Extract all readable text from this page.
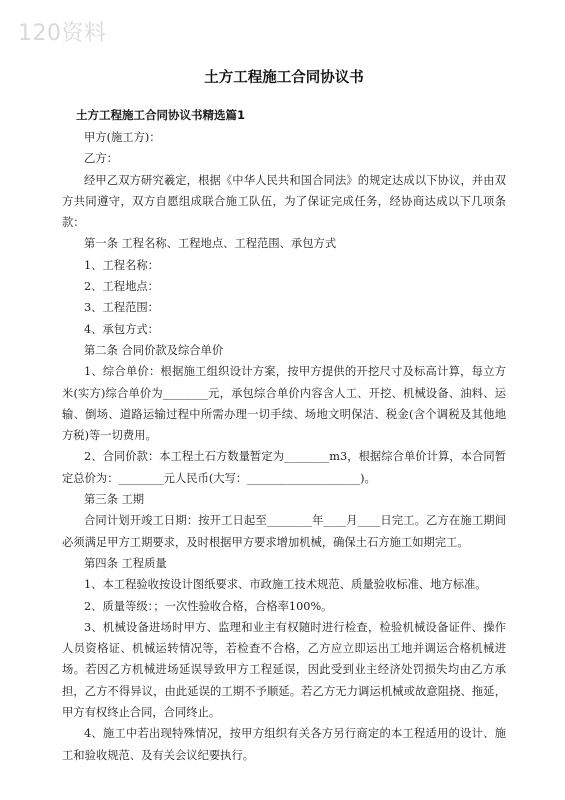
120资料
土方工程施工合同协议书
土方工程施工合同协议书精选篇1

甲方(施工方)：

乙方：

经甲乙双方研究羲定，根据《中华人民共和国合同法》的规定达成以下协议，并由双方共同遵守，双方自愿组成联合施工队伍，为了保证完成任务，经协商达成以下几项条款：

第一条 工程名称、工程地点、工程范围、承包方式

1、工程名称：

2、工程地点：

3、工程范围：

4、承包方式：

第二条 合同价款及综合单价

1、综合单价：根据施工组织设计方案，按甲方提供的开挖尺寸及标高计算，每立方米(实方)综合单价为________元，承包综合单价内容含人工、开挖、机械设备、油料、运输、倒场、道路运输过程中所需办理一切手续、场地文明保洁、税金(含个调税及其他地方税)等一切费用。

2、合同价款：本工程土石方数量暂定为________m3，根据综合单价计算，本合同暂定总价为：________元人民币(大写：____________________)。

第三条 工期

合同计划开竣工日期：按开工日起至________年____月____日完工。乙方在施工期间必须满足甲方工期要求，及时根据甲方要求增加机械，确保土石方施工如期完工。

第四条 工程质量

1、本工程验收按设计图纸要求、市政施工技术规范、质量验收标准、地方标准。

2、质量等级：；一次性验收合格，合格率100%。

3、机械设备进场时甲方、监理和业主有权随时进行检查，检验机械设备证件、操作人员资格证、机械运转情况等，若检查不合格，乙方应立即运出工地并调运合格机械进场。若因乙方机械进场延误导致甲方工程延误，因此受到业主经济处罚损失均由乙方承担，乙方不得异议，由此延误的工期不予顺延。若乙方无力调运机械或故意阻挠、拖延，甲方有权终止合同，合同终止。

4、施工中若出现特殊情况，按甲方组织有关各方另行商定的本工程适用的设计、施工和验收规范、及有关会议纪要执行。
